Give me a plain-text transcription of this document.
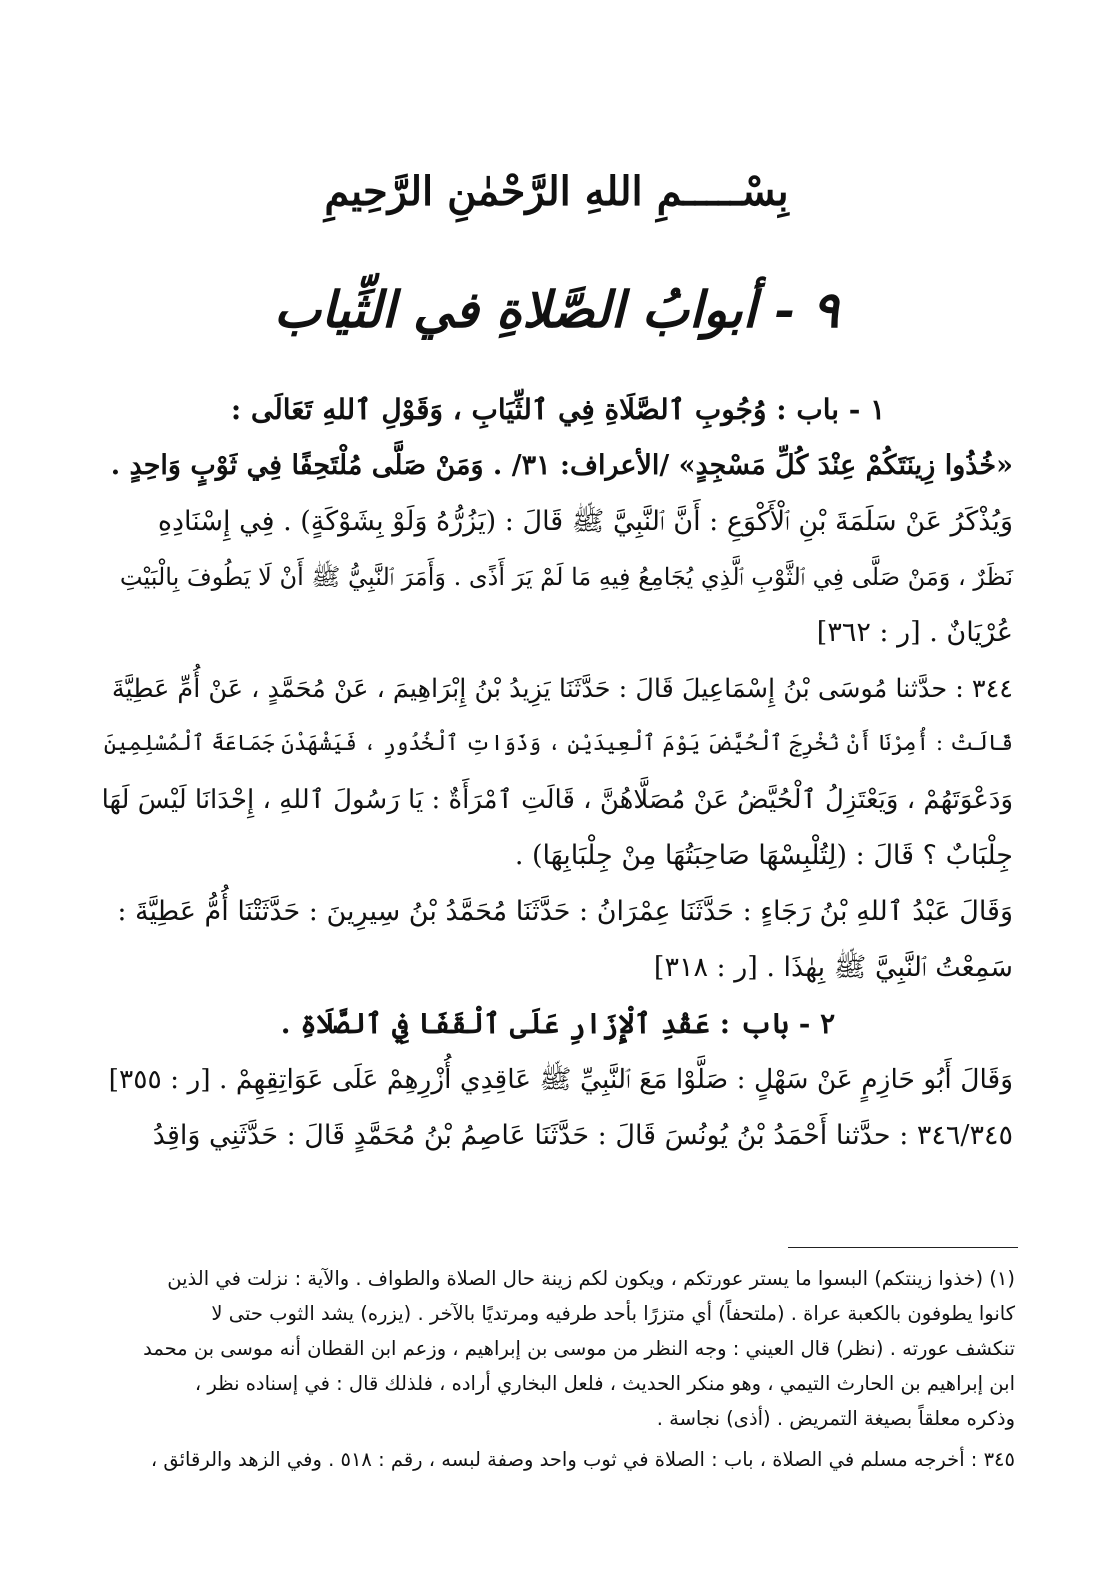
بِسْـــــمِ اللهِ الرَّحْمٰنِ الرَّحِيمِ
٩ - أبوابُ الصَّلاةِ في الثِّياب
١ - باب : وُجُوبِ ٱلصَّلَاةِ فِي ٱلثِّيَابِ ، وَقَوْلِ ٱللهِ تَعَالَى :
«خُذُوا زِينَتَكُمْ عِنْدَ كُلِّ مَسْجِدٍ» /الأعراف: ٣١/ . وَمَنْ صَلَّى مُلْتَحِفًا فِي ثَوْبٍ وَاحِدٍ .
وَيُذْكَرُ عَنْ سَلَمَةَ بْنِ ٱلْأَكْوَعِ : أَنَّ ٱلنَّبِيَّ ﷺ قَالَ : (يَزُرُّهُ وَلَوْ بِشَوْكَةٍ) . فِي إِسْنَادِهِ
نَظَرٌ ، وَمَنْ صَلَّى فِي ٱلثَّوْبِ ٱلَّذِي يُجَامِعُ فِيهِ مَا لَمْ يَرَ أَذًى . وَأَمَرَ ٱلنَّبِيُّ ﷺ أَنْ لَا يَطُوفَ بِالْبَيْتِ
عُرْيَانٌ . [ر : ٣٦٢]
٣٤٤ : حدَّثنا مُوسَى بْنُ إِسْمَاعِيلَ قَالَ : حَدَّثَنَا يَزِيدُ بْنُ إِبْرَاهِيمَ ، عَنْ مُحَمَّدٍ ، عَنْ أُمِّ عَطِيَّةَ
قَالَتْ : أُمِرْنَا أَنْ نُخْرِجَ ٱلْحُيَّضَ يَوْمَ ٱلْعِيدَيْنِ ، وَذَوَاتِ ٱلْخُدُورِ ، فَيَشْهَدْنَ جَمَاعَةَ ٱلْمُسْلِمِينَ
وَدَعْوَتَهُمْ ، وَيَعْتَزِلُ ٱلْحُيَّضُ عَنْ مُصَلَّاهُنَّ ، قَالَتِ ٱمْرَأَةٌ : يَا رَسُولَ ٱللهِ ، إِحْدَانَا لَيْسَ لَهَا
جِلْبَابٌ ؟ قَالَ : (لِتُلْبِسْهَا صَاحِبَتُهَا مِنْ جِلْبَابِهَا) .
وَقَالَ عَبْدُ ٱللهِ بْنُ رَجَاءٍ : حَدَّثَنَا عِمْرَانُ : حَدَّثَنَا مُحَمَّدُ بْنُ سِيرِينَ : حَدَّثَتْنَا أُمُّ عَطِيَّةَ :
سَمِعْتُ ٱلنَّبِيَّ ﷺ بِهٰذَا . [ر : ٣١٨]
٢ - باب : عَقْدِ ٱلْإِزَارِ عَلَى ٱلْقَفَا فِي ٱلصَّلَاةِ .
وَقَالَ أَبُو حَازِمٍ عَنْ سَهْلٍ : صَلَّوْا مَعَ ٱلنَّبِيِّ ﷺ عَاقِدِي أُزْرِهِمْ عَلَى عَوَاتِقِهِمْ . [ر : ٣٥٥]
٣٤٦/٣٤٥ : حدَّثنا أَحْمَدُ بْنُ يُونُسَ قَالَ : حَدَّثَنَا عَاصِمُ بْنُ مُحَمَّدٍ قَالَ : حَدَّثَنِي وَاقِدُ
(١) (خذوا زينتكم) البسوا ما يستر عورتكم ، ويكون لكم زينة حال الصلاة والطواف . والآية : نزلت في الذين
كانوا يطوفون بالكعبة عراة . (ملتحفاً) أي متزرًا بأحد طرفيه ومرتديًا بالآخر . (يزره) يشد الثوب حتى لا
تنكشف عورته . (نظر) قال العيني : وجه النظر من موسى بن إبراهيم ، وزعم ابن القطان أنه موسى بن محمد
ابن إبراهيم بن الحارث التيمي ، وهو منكر الحديث ، فلعل البخاري أراده ، فلذلك قال : في إسناده نظر ،
وذكره معلقاً بصيغة التمريض . (أذى) نجاسة .
٣٤٥ : أخرجه مسلم في الصلاة ، باب : الصلاة في ثوب واحد وصفة لبسه ، رقم : ٥١٨ . وفي الزهد والرقائق ،
